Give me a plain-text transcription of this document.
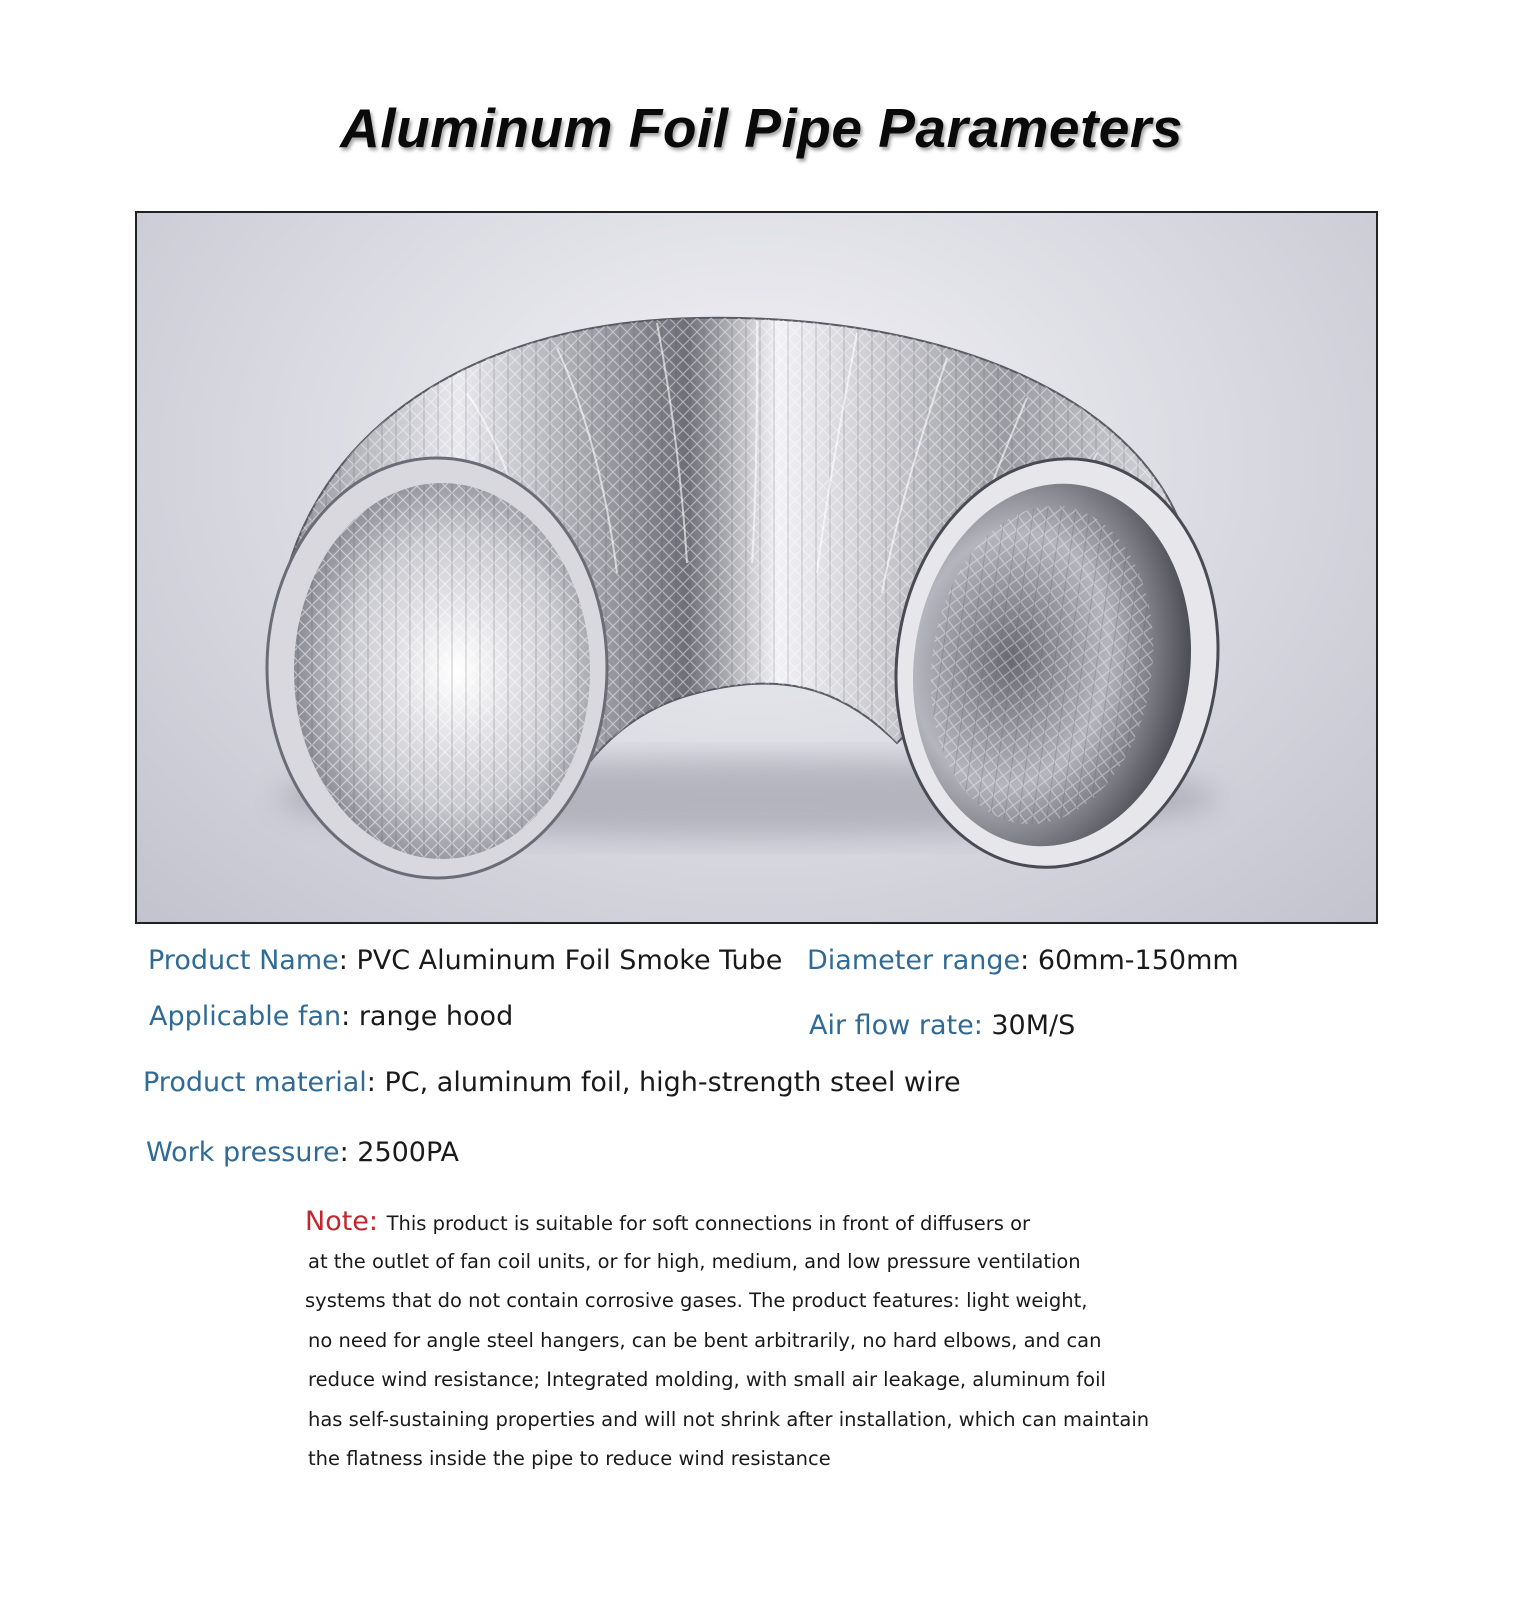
Aluminum Foil Pipe Parameters
Product Name: PVC Aluminum Foil Smoke Tube Diameter range: 60mm-150mm
Applicable fan: range hood	Air flow rate: 30M/S
Product material: PC, aluminum foil, high-strength steel wire
Work pressure: 2500PA
Note: This product is suitable for soft connections in front of diffusers or
at the outlet of fan coil units, or for high, medium, and low pressure ventilation
systems that do not contain corrosive gases. The product features: light weight,
no need for angle steel hangers, can be bent arbitrarily, no hard elbows, and can
reduce wind resistance; Integrated molding, with small air leakage, aluminum foil
has self-sustaining properties and will not shrink after installation, which can maintain
the flatness inside the pipe to reduce wind resistance
